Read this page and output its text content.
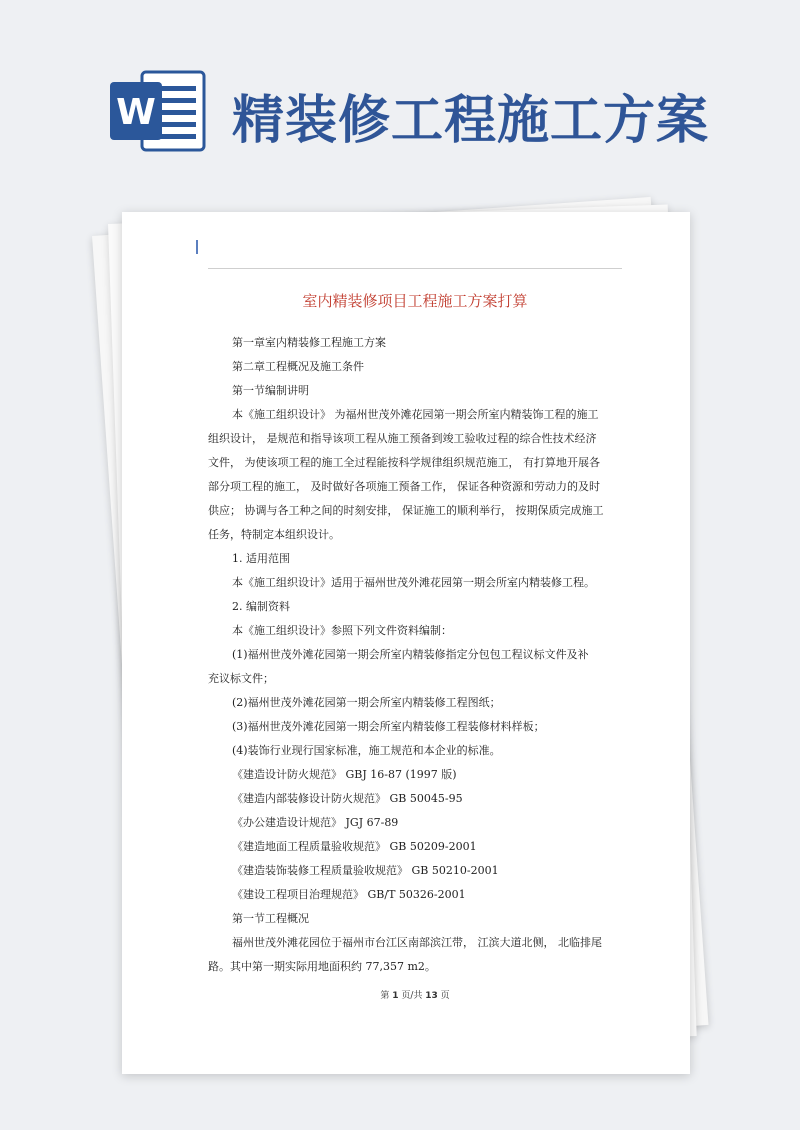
W 精装修工程施工方案
室内精装修项目工程施工方案打算
第一章室内精装修工程施工方案
第二章工程概况及施工条件
第一节编制讲明
本《施工组织设计》 为福州世茂外滩花园第一期会所室内精装饰工程的施工
组织设计， 是规范和指导该项工程从施工预备到竣工验收过程的综合性技术经济
文件， 为使该项工程的施工全过程能按科学规律组织规范施工， 有打算地开展各
部分项工程的施工， 及时做好各项施工预备工作， 保证各种资源和劳动力的及时
供应； 协调与各工种之间的时刻安排， 保证施工的顺利举行， 按期保质完成施工
任务，特制定本组织设计。
1. 适用范围
本《施工组织设计》适用于福州世茂外滩花园第一期会所室内精装修工程。
2. 编制资料
本《施工组织设计》参照下列文件资料编制：
(1)福州世茂外滩花园第一期会所室内精装修指定分包包工程议标文件及补
充议标文件；
(2)福州世茂外滩花园第一期会所室内精装修工程图纸；
(3)福州世茂外滩花园第一期会所室内精装修工程装修材料样板；
(4)装饰行业现行国家标准，施工规范和本企业的标准。
《建造设计防火规范》 GBJ 16-87 (1997 版)
《建造内部装修设计防火规范》 GB 50045-95
《办公建造设计规范》 JGJ 67-89
《建造地面工程质量验收规范》 GB 50209-2001
《建造装饰装修工程质量验收规范》 GB 50210-2001
《建设工程项目治理规范》 GB/T 50326-2001
第一节工程概况
福州世茂外滩花园位于福州市台江区南部滨江带， 江滨大道北侧， 北临排尾
路。其中第一期实际用地面积约 77,357 m2。
第 1 页/共 13 页
